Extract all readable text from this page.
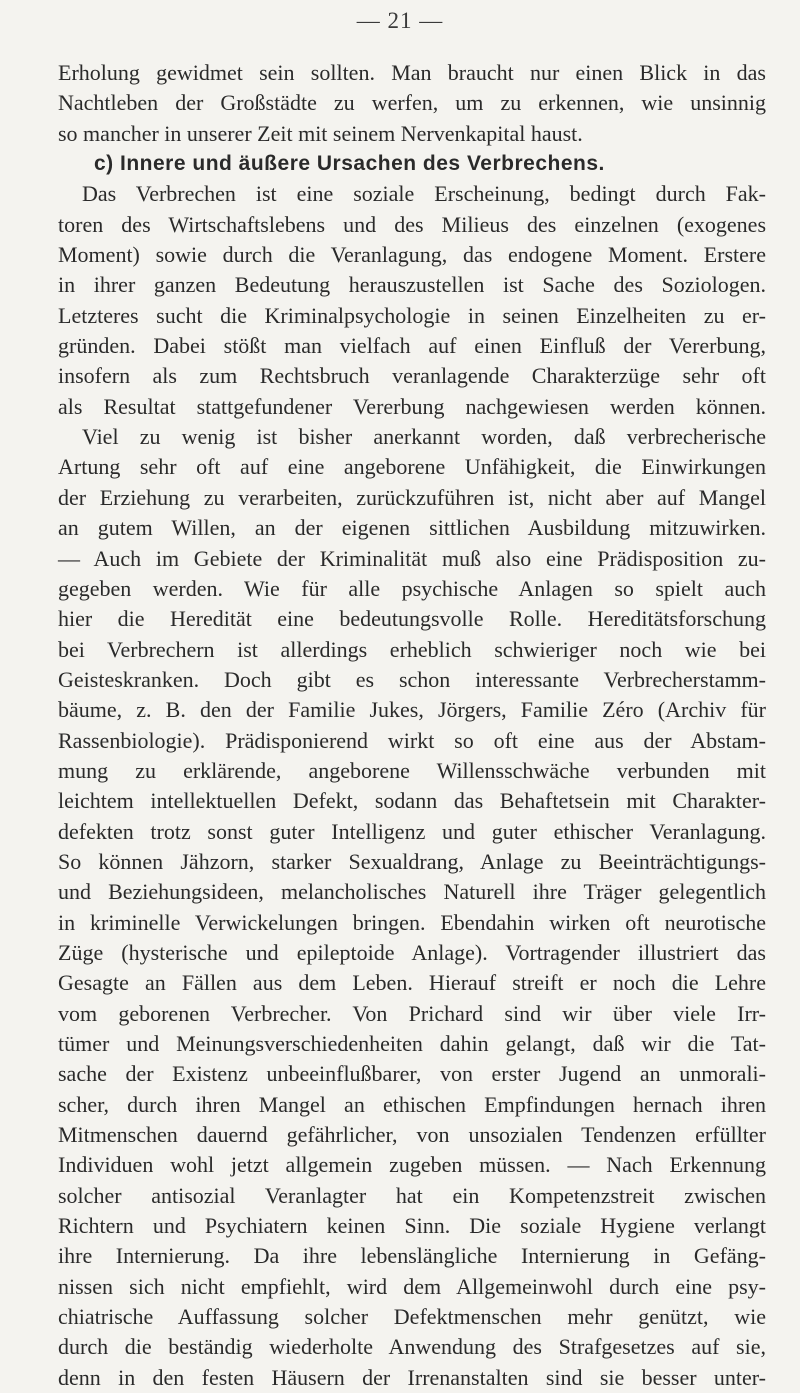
— 21 —
Erholung gewidmet sein sollten. Man braucht nur einen Blick in das
Nachtleben der Großstädte zu werfen, um zu erkennen, wie unsinnig
so mancher in unserer Zeit mit seinem Nervenkapital haust.
c) Innere und äußere Ursachen des Verbrechens.
Das Verbrechen ist eine soziale Erscheinung, bedingt durch Fak-
toren des Wirtschaftslebens und des Milieus des einzelnen (exogenes
Moment) sowie durch die Veranlagung, das endogene Moment. Erstere
in ihrer ganzen Bedeutung herauszustellen ist Sache des Soziologen.
Letzteres sucht die Kriminalpsychologie in seinen Einzelheiten zu er-
gründen. Dabei stößt man vielfach auf einen Einfluß der Vererbung,
insofern als zum Rechtsbruch veranlagende Charakterzüge sehr oft
als Resultat stattgefundener Vererbung nachgewiesen werden können.
Viel zu wenig ist bisher anerkannt worden, daß verbrecherische
Artung sehr oft auf eine angeborene Unfähigkeit, die Einwirkungen
der Erziehung zu verarbeiten, zurückzuführen ist, nicht aber auf Mangel
an gutem Willen, an der eigenen sittlichen Ausbildung mitzuwirken.
— Auch im Gebiete der Kriminalität muß also eine Prädisposition zu-
gegeben werden. Wie für alle psychische Anlagen so spielt auch
hier die Heredität eine bedeutungsvolle Rolle. Hereditätsforschung
bei Verbrechern ist allerdings erheblich schwieriger noch wie bei
Geisteskranken. Doch gibt es schon interessante Verbrecherstamm-
bäume, z. B. den der Familie Jukes, Jörgers, Familie Zéro (Archiv für
Rassenbiologie). Prädisponierend wirkt so oft eine aus der Abstam-
mung zu erklärende, angeborene Willensschwäche verbunden mit
leichtem intellektuellen Defekt, sodann das Behaftetsein mit Charakter-
defekten trotz sonst guter Intelligenz und guter ethischer Veranlagung.
So können Jähzorn, starker Sexualdrang, Anlage zu Beeinträchtigungs-
und Beziehungsideen, melancholisches Naturell ihre Träger gelegentlich
in kriminelle Verwickelungen bringen. Ebendahin wirken oft neurotische
Züge (hysterische und epileptoide Anlage). Vortragender illustriert das
Gesagte an Fällen aus dem Leben. Hierauf streift er noch die Lehre
vom geborenen Verbrecher. Von Prichard sind wir über viele Irr-
tümer und Meinungsverschiedenheiten dahin gelangt, daß wir die Tat-
sache der Existenz unbeeinflußbarer, von erster Jugend an unmorali-
scher, durch ihren Mangel an ethischen Empfindungen hernach ihren
Mitmenschen dauernd gefährlicher, von unsozialen Tendenzen erfüllter
Individuen wohl jetzt allgemein zugeben müssen. — Nach Erkennung
solcher antisozial Veranlagter hat ein Kompetenzstreit zwischen
Richtern und Psychiatern keinen Sinn. Die soziale Hygiene verlangt
ihre Internierung. Da ihre lebenslängliche Internierung in Gefäng-
nissen sich nicht empfiehlt, wird dem Allgemeinwohl durch eine psy-
chiatrische Auffassung solcher Defektmenschen mehr genützt, wie
durch die beständig wiederholte Anwendung des Strafgesetzes auf sie,
denn in den festen Häusern der Irrenanstalten sind sie besser unter-
